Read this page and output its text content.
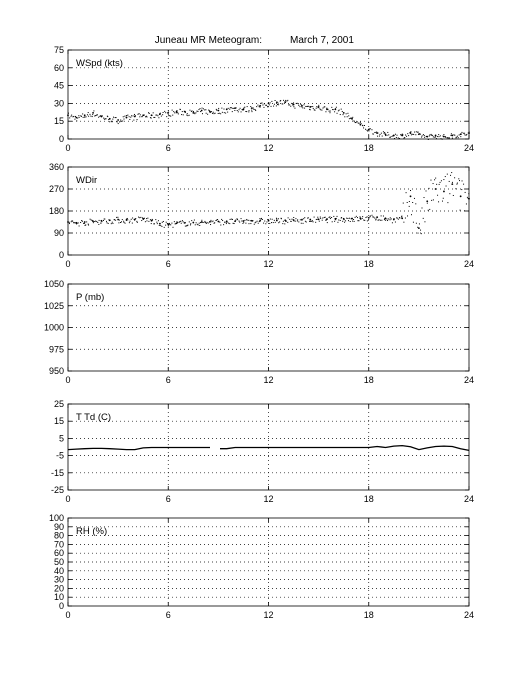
Juneau MR Meteogram:	March 7, 2001
0	6	12	18	24
0
15
30
45
60
75
WSpd (kts)
0	6	12	18	24
0
90
180
270
360
WDir
0	6	12	18	24
950
975
1000
1025
1050
P (mb)
0	6	12	18	24
-25
-15
-5
5
15
25
T Td (C)
0	6	12	18	24
0
10
20
30
40
50
60
70
80
90
100
RH (%)
